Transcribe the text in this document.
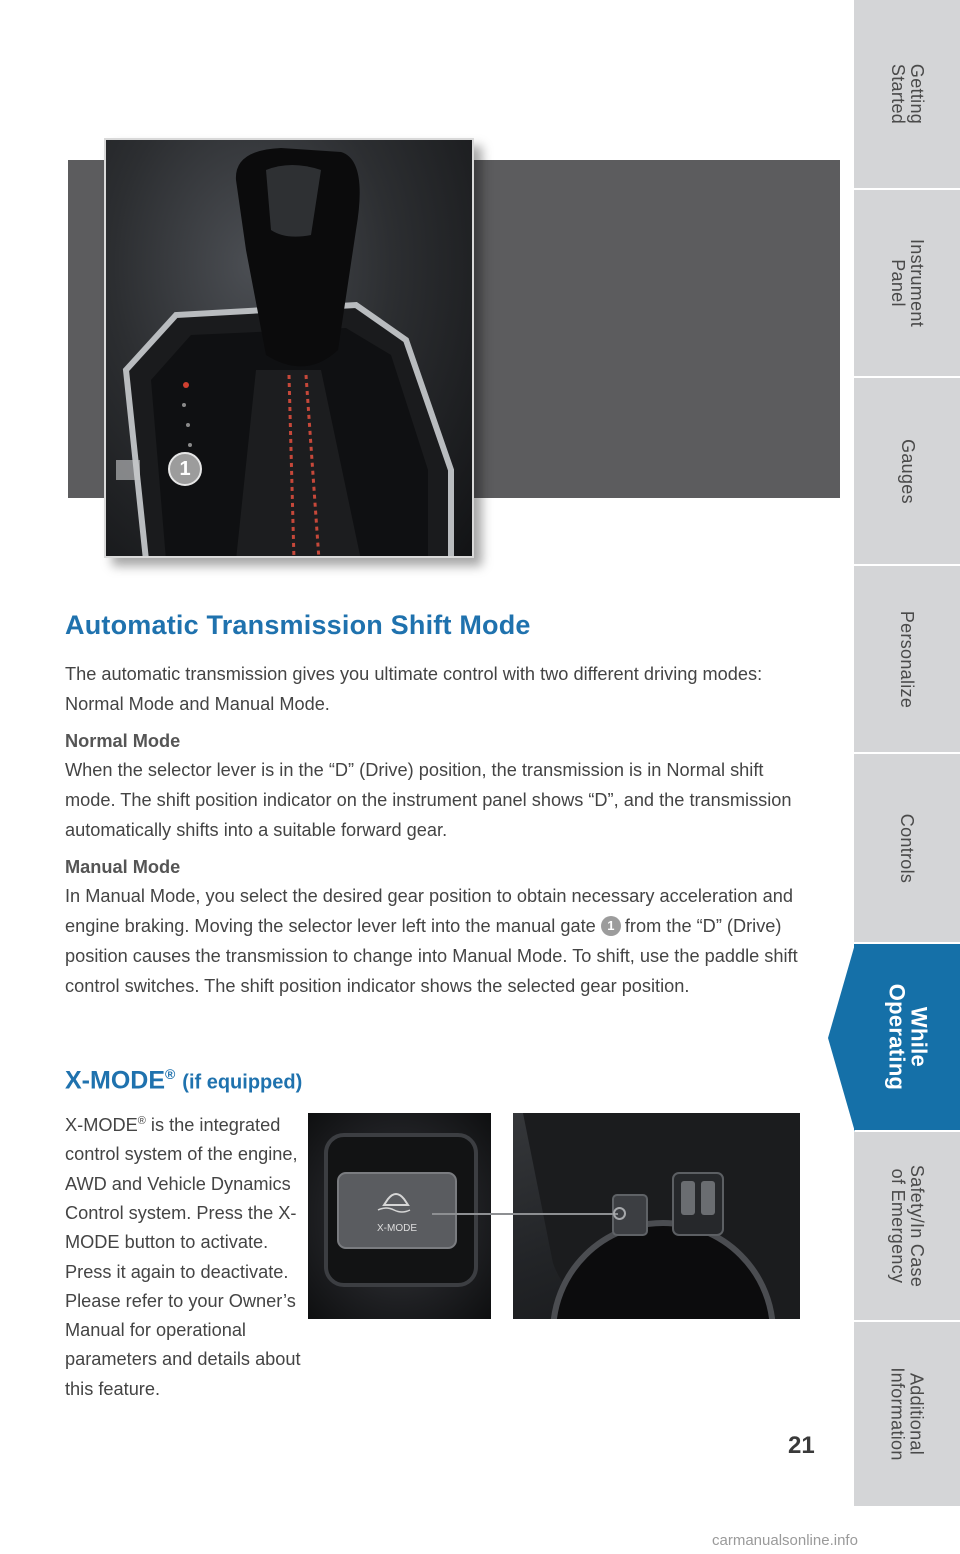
Getting
Started
Instrument
Panel
Gauges
Personalize
Controls
While
Operating
Safety/In Case
of Emergency
Additional
Information
1
Automatic Transmission Shift Mode

The automatic transmission gives you ultimate control with two different driving modes: Normal Mode and Manual Mode.

Normal Mode

When the selector lever is in the “D” (Drive) position, the transmission is in Normal shift mode. The shift position indicator on the instrument panel shows “D”, and the transmission automatically shifts into a suitable forward gear.

Manual Mode

In Manual Mode, you select the desired gear position to obtain necessary acceleration and engine braking. Moving the selector lever left into the manual gate 1 from the “D” (Drive) position causes the transmission to change into Manual Mode. To shift, use the paddle shift control switches. The shift position indicator shows the selected gear position.

X-MODE® (if equipped)
X-MODE® is the integrated control system of the engine, AWD and Vehicle Dynamics Control system. Press the X-MODE button to activate. Press it again to deactivate. Please refer to your Owner’s Manual for operational parameters and details about this feature.
X-MODE
21
carmanualsonline.info
